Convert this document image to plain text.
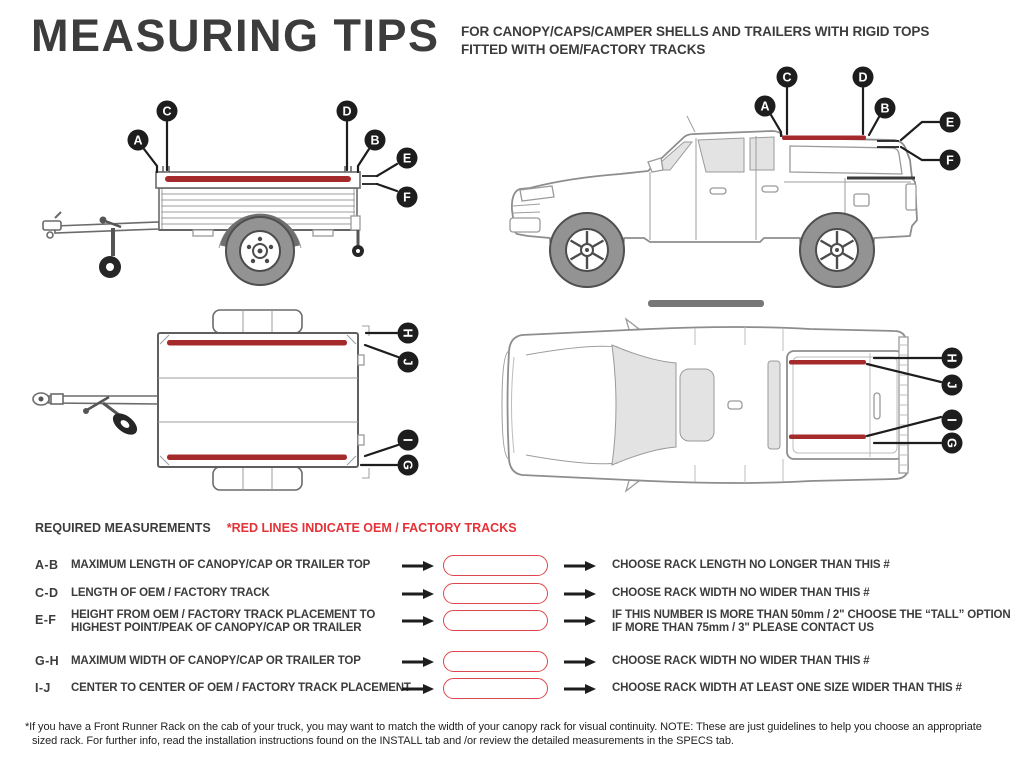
MEASURING TIPS FOR CANOPY/CAPS/CAMPER SHELLS AND TRAILERS WITH RIGID TOPS
FITTED WITH OEM/FACTORY TRACKS
A
C	D
B
E
F
A
C	D
B
E
F
H
J
I
G
H
J
I
G
REQUIRED MEASUREMENTS *RED LINES INDICATE OEM / FACTORY TRACKS
A-B MAXIMUM LENGTH OF CANOPY/CAP OR TRAILER TOP	CHOOSE RACK LENGTH NO LONGER THAN THIS #
C-D LENGTH OF OEM / FACTORY TRACK	CHOOSE RACK WIDTH NO WIDER THAN THIS #
E-F HEIGHT FROM OEM / FACTORY TRACK PLACEMENT TO
HIGHEST POINT/PEAK OF CANOPY/CAP OR TRAILER
IF THIS NUMBER IS MORE THAN 50mm / 2" CHOOSE THE “TALL” OPTION
IF MORE THAN 75mm / 3" PLEASE CONTACT US
G-H MAXIMUM WIDTH OF CANOPY/CAP OR TRAILER TOP	CHOOSE RACK WIDTH NO WIDER THAN THIS #
I-J CENTER TO CENTER OF OEM / FACTORY TRACK PLACEMENT	CHOOSE RACK WIDTH AT LEAST ONE SIZE WIDER THAN THIS #
*If you have a Front Runner Rack on the cab of your truck, you may want to match the width of your canopy rack for visual continuity. NOTE: These are just guidelines to help you choose an appropriate
sized rack. For further info, read the installation instructions found on the INSTALL tab and /or review the detailed measurements in the SPECS tab.
